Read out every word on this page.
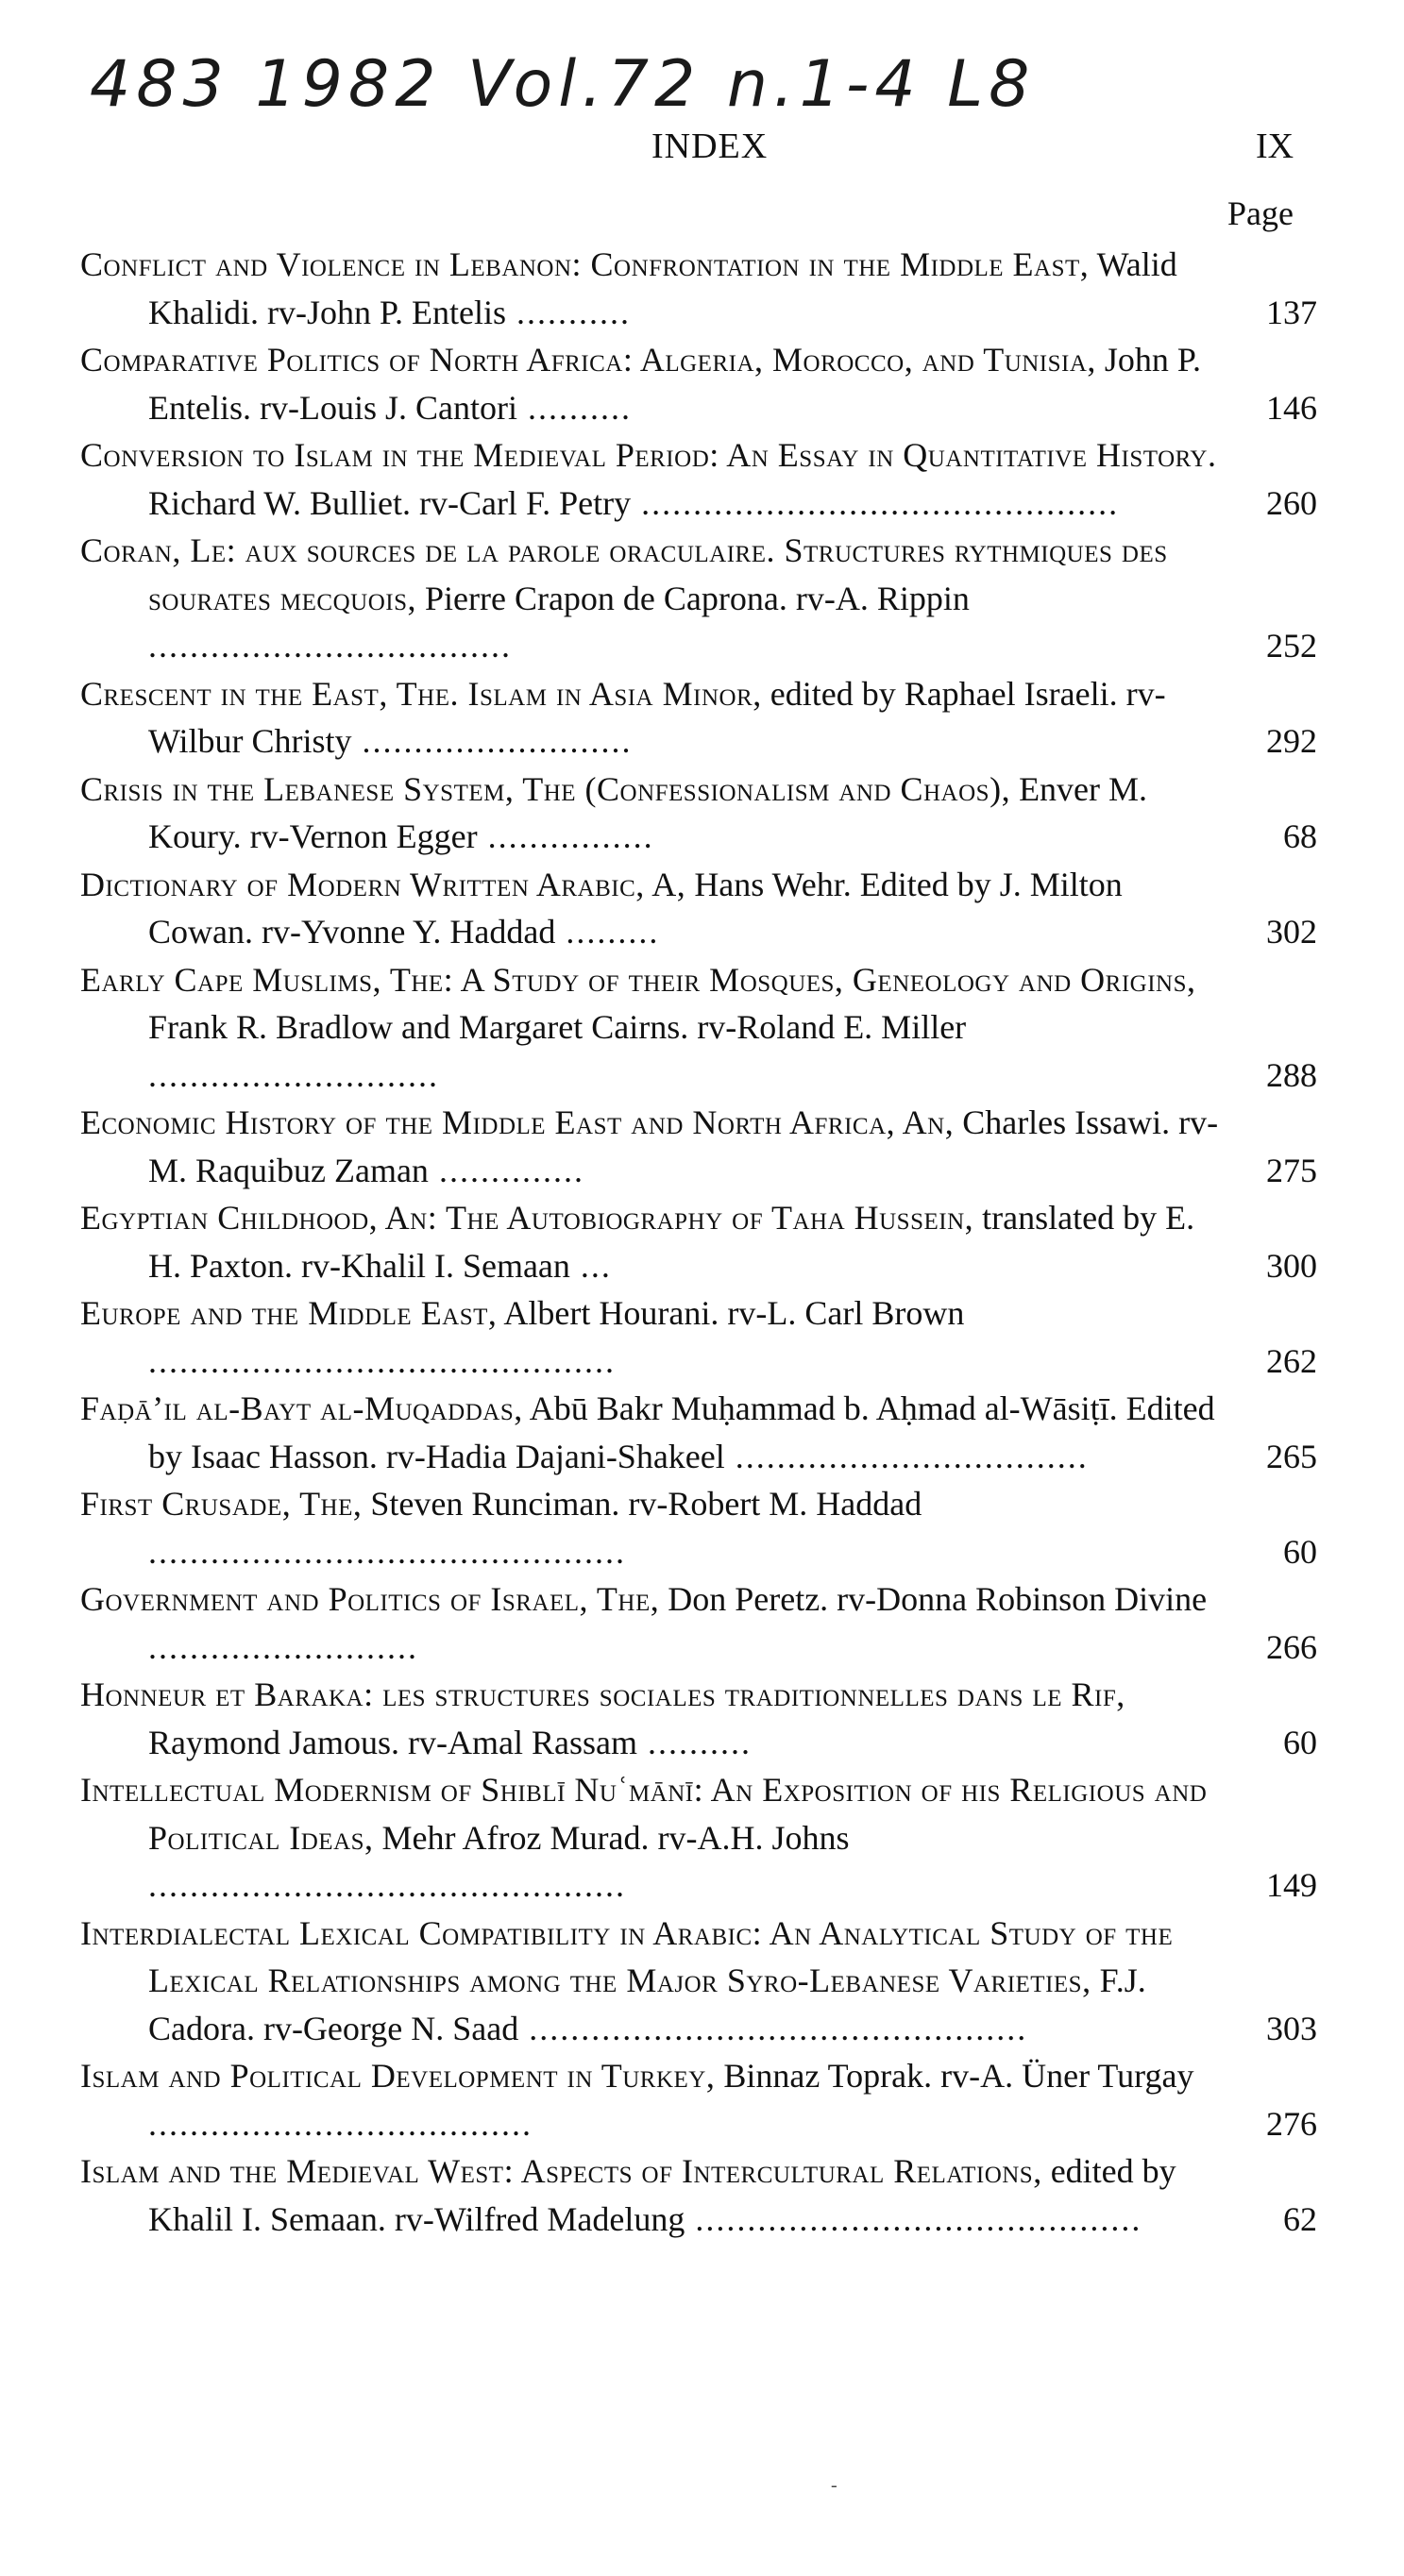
483 1982 Vol.72 n.1-4 L8
INDEX	IX
Page
Conflict and Violence in Lebanon: Confrontation in the Middle East, Walid Khalidi. rv-John P. Entelis ...........	137
Comparative Politics of North Africa: Algeria, Morocco, and Tunisia, John P. Entelis. rv-Louis J. Cantori ..........	146
Conversion to Islam in the Medieval Period: An Essay in Quantitative History. Richard W. Bulliet. rv-Carl F. Petry ..............................................	260
Coran, Le: aux sources de la parole oraculaire. Structures rythmiques des sourates mecquois, Pierre Crapon de Caprona. rv-A. Rippin ...................................	252
Crescent in the East, The. Islam in Asia Minor, edited by Raphael Israeli. rv-Wilbur Christy ..........................	292
Crisis in the Lebanese System, The (Confessionalism and Chaos), Enver M. Koury. rv-Vernon Egger ................	68
Dictionary of Modern Written Arabic, A, Hans Wehr. Edited by J. Milton Cowan. rv-Yvonne Y. Haddad .........	302
Early Cape Muslims, The: A Study of their Mosques, Geneology and Origins, Frank R. Bradlow and Margaret Cairns. rv-Roland E. Miller ............................	288
Economic History of the Middle East and North Africa, An, Charles Issawi. rv-M. Raquibuz Zaman ..............	275
Egyptian Childhood, An: The Autobiography of Taha Hussein, translated by E. H. Paxton. rv-Khalil I. Semaan ...	300
Europe and the Middle East, Albert Hourani. rv-L. Carl Brown .............................................	262
Faḍā’il al-Bayt al-Muqaddas, Abū Bakr Muḥammad b. Aḥmad al-Wāsiṭī. Edited by Isaac Hasson. rv-Hadia Dajani-Shakeel ..................................	265
First Crusade, The, Steven Runciman. rv-Robert M. Haddad ..............................................	60
Government and Politics of Israel, The, Don Peretz. rv-Donna Robinson Divine ..........................	266
Honneur et Baraka: les structures sociales traditionnelles dans le Rif, Raymond Jamous. rv-Amal Rassam ..........	60
Intellectual Modernism of Shiblī Nuʿmānī: An Exposition of his Religious and Political Ideas, Mehr Afroz Murad. rv-A.H. Johns ..............................................	149
Interdialectal Lexical Compatibility in Arabic: An Analytical Study of the Lexical Relationships among the Major Syro-Lebanese Varieties, F.J. Cadora. rv-George N. Saad ................................................	303
Islam and Political Development in Turkey, Binnaz Toprak. rv-A. Üner Turgay .....................................	276
Islam and the Medieval West: Aspects of Intercultural Relations, edited by Khalil I. Semaan. rv-Wilfred Madelung ...........................................	62
-
